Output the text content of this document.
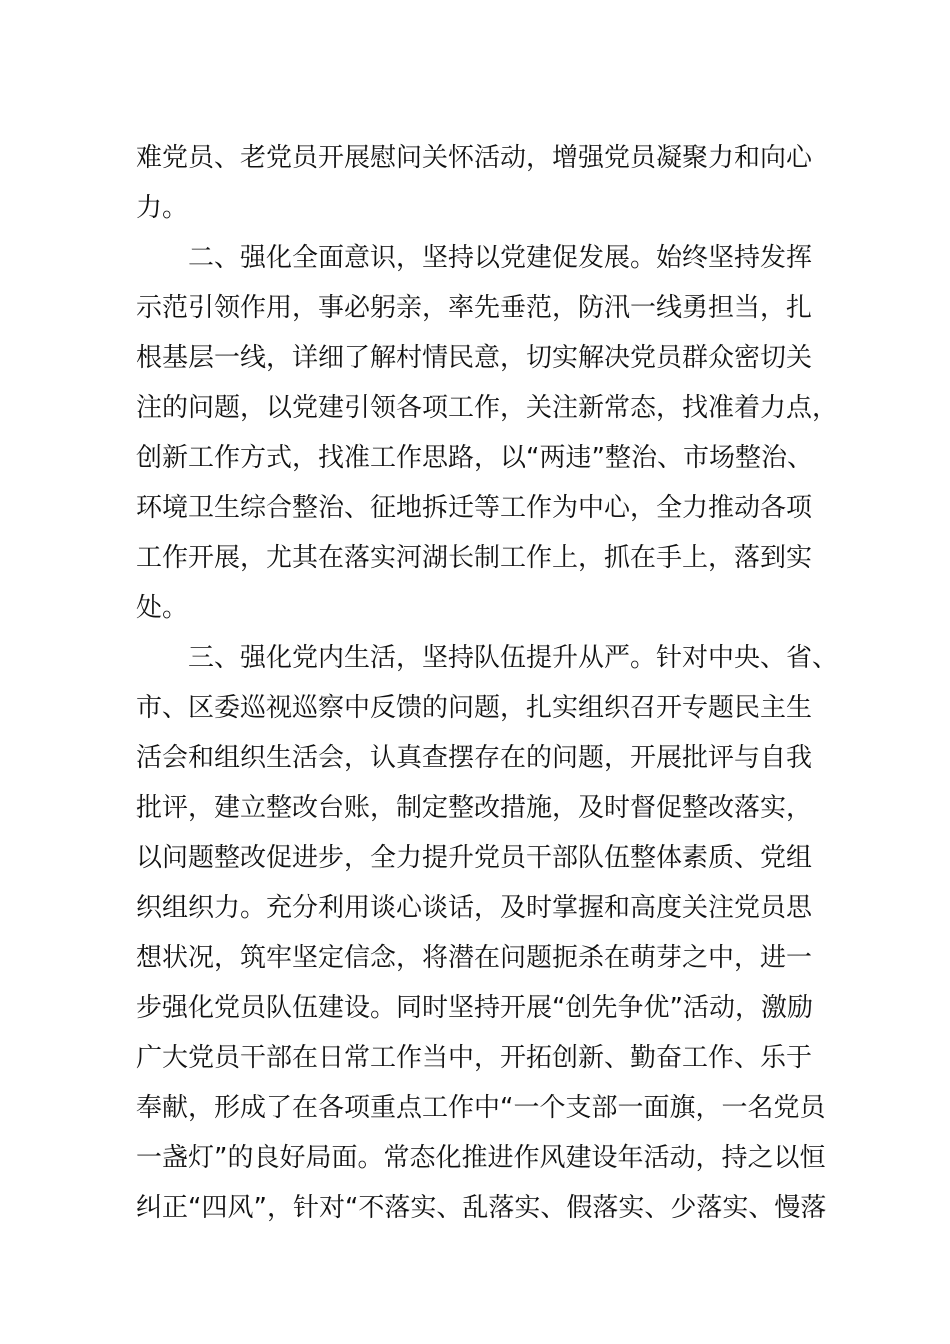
难党员、老党员开展慰问关怀活动，增强党员凝聚力和向心
力。
二、强化全面意识，坚持以党建促发展。始终坚持发挥
示范引领作用，事必躬亲，率先垂范，防汛一线勇担当，扎
根基层一线，详细了解村情民意，切实解决党员群众密切关
注的问题，以党建引领各项工作，关注新常态，找准着力点，
创新工作方式，找准工作思路，以“两违”整治、市场整治、
环境卫生综合整治、征地拆迁等工作为中心，全力推动各项
工作开展，尤其在落实河湖长制工作上，抓在手上，落到实
处。
三、强化党内生活，坚持队伍提升从严。针对中央、省、
市、区委巡视巡察中反馈的问题，扎实组织召开专题民主生
活会和组织生活会，认真查摆存在的问题，开展批评与自我
批评，建立整改台账，制定整改措施，及时督促整改落实，
以问题整改促进步，全力提升党员干部队伍整体素质、党组
织组织力。充分利用谈心谈话，及时掌握和高度关注党员思
想状况，筑牢坚定信念，将潜在问题扼杀在萌芽之中，进一
步强化党员队伍建设。同时坚持开展“创先争优”活动，激励
广大党员干部在日常工作当中，开拓创新、勤奋工作、乐于
奉献，形成了在各项重点工作中“一个支部一面旗，一名党员
一盏灯”的良好局面。常态化推进作风建设年活动，持之以恒
纠正“四风”，针对“不落实、乱落实、假落实、少落实、慢落
